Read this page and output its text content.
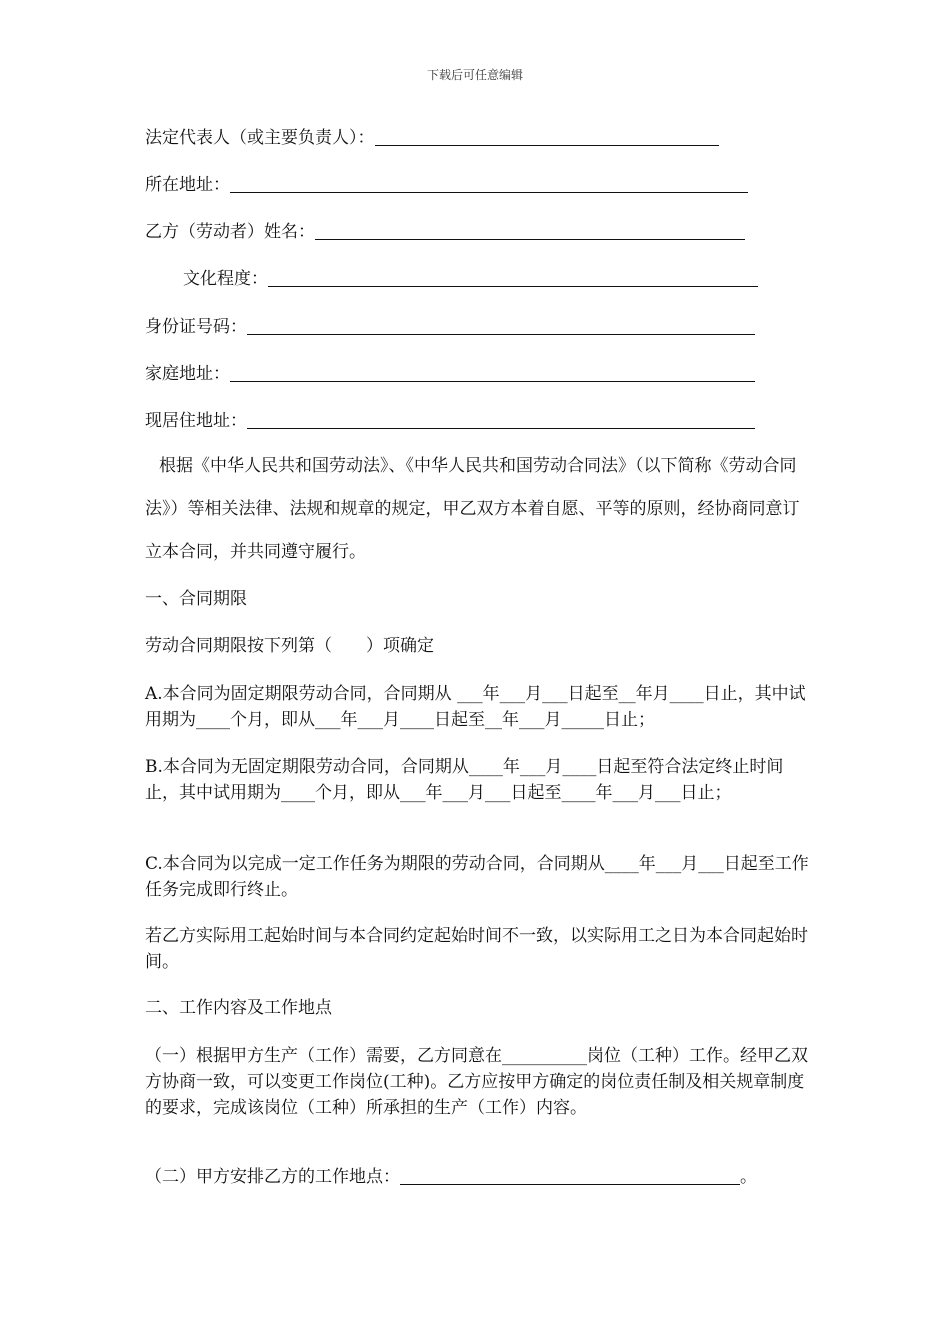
下载后可任意编辑
法定代表人（或主要负责人）：
所在地址：
乙方（劳动者）姓名：
文化程度：
身份证号码：
家庭地址：
现居住地址：
根据《中华人民共和国劳动法》、《中华人民共和国劳动合同法》（以下简称《劳动合同法》）等相关法律、法规和规章的规定，甲乙双方本着自愿、平等的原则，经协商同意订立本合同，并共同遵守履行。
一、合同期限
劳动合同期限按下列第（　　）项确定
A.本合同为固定期限劳动合同，合同期从 ___年___月___日起至__年月____日止，其中试用期为____个月，即从___年___月____日起至__年___月_____日止；
B.本合同为无固定期限劳动合同，合同期从____年___月____日起至符合法定终止时间止，其中试用期为____个月，即从___年___月___日起至____年___月___日止；
C.本合同为以完成一定工作任务为期限的劳动合同，合同期从____年___月___日起至工作任务完成即行终止。
若乙方实际用工起始时间与本合同约定起始时间不一致，以实际用工之日为本合同起始时间。
二、工作内容及工作地点
（一）根据甲方生产（工作）需要，乙方同意在__________岗位（工种）工作。经甲乙双方协商一致，可以变更工作岗位(工种)。乙方应按甲方确定的岗位责任制及相关规章制度的要求，完成该岗位（工种）所承担的生产（工作）内容。
（二）甲方安排乙方的工作地点：	。
